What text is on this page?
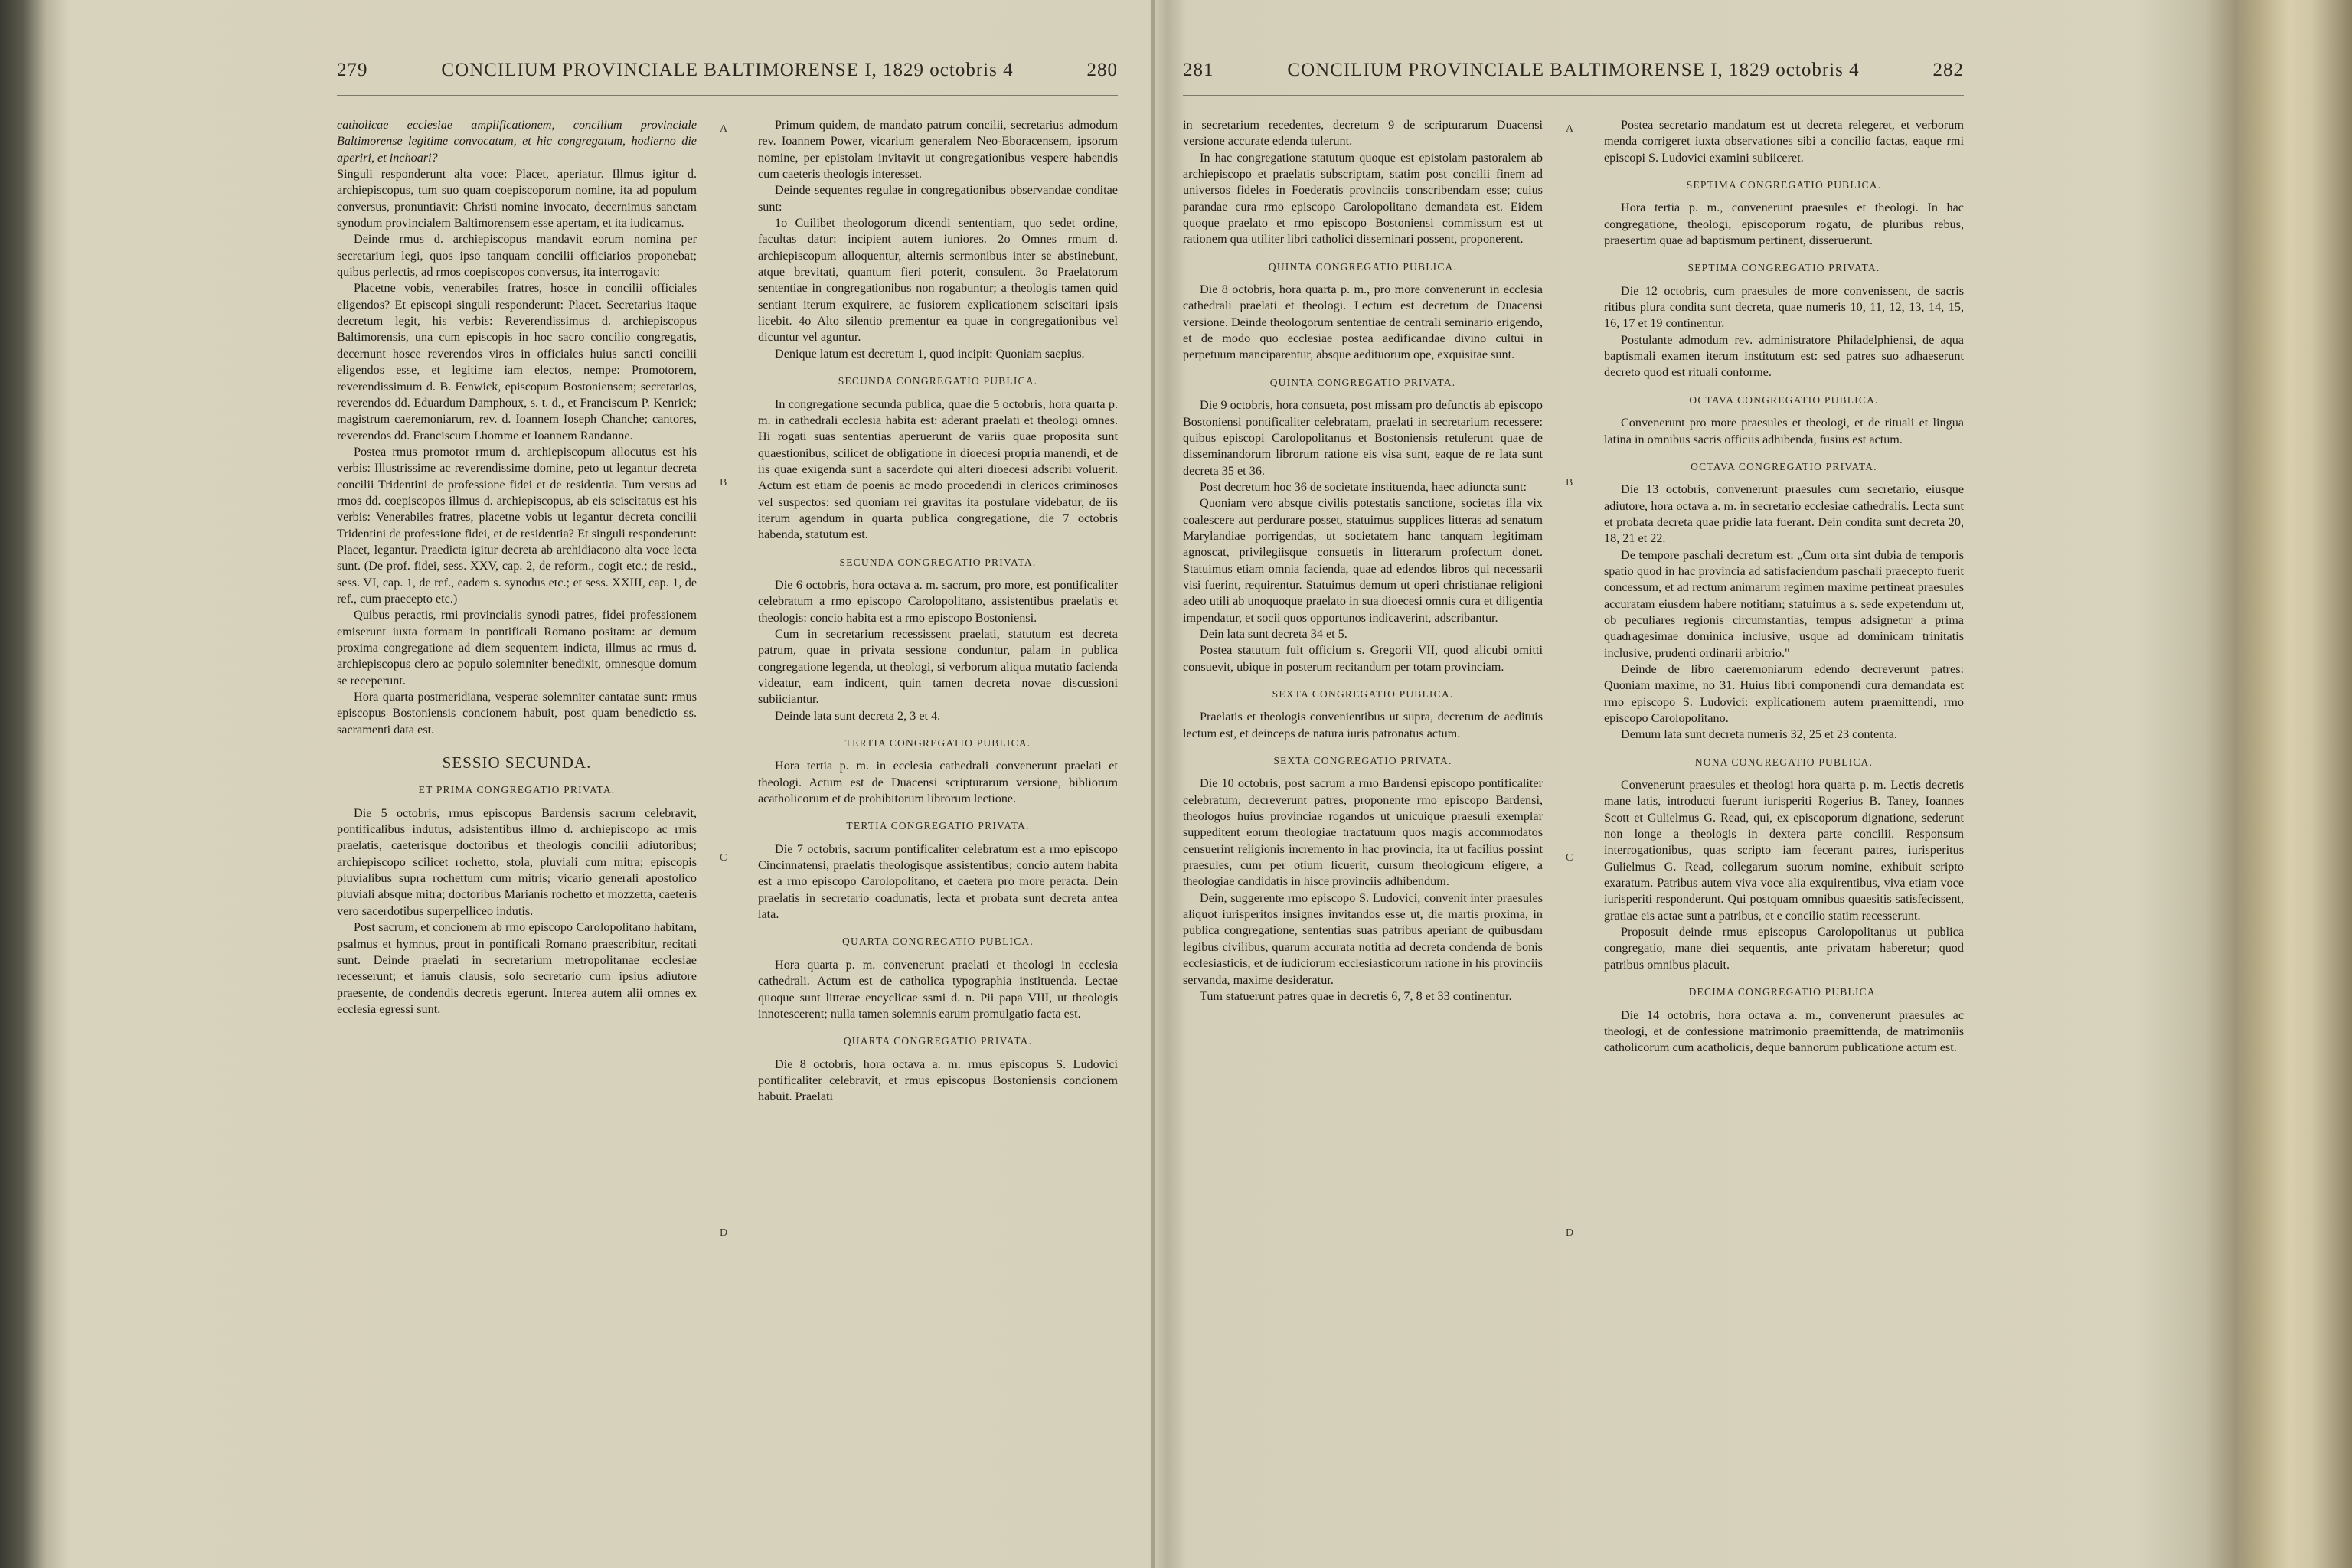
279	CONCILIUM PROVINCIALE BALTIMORENSE I, 1829 octobris 4	280

catholicae ecclesiae amplificationem, concilium provinciale Baltimorense legitime convocatum, et hic congregatum, hodierno die aperiri, et inchoari?

Singuli responderunt alta voce: Placet, aperiatur. Illmus igitur d. archiepiscopus, tum suo quam coepiscoporum nomine, ita ad populum conversus, pronuntiavit: Christi nomine invocato, decernimus sanctam synodum provincialem Baltimorensem esse apertam, et ita iudicamus.

Deinde rmus d. archiepiscopus mandavit eorum nomina per secretarium legi, quos ipso tanquam concilii officiarios proponebat; quibus perlectis, ad rmos coepiscopos conversus, ita interrogavit:

Placetne vobis, venerabiles fratres, hosce in concilii officiales eligendos? Et episcopi singuli responderunt: Placet. Secretarius itaque decretum legit, his verbis: Reverendissimus d. archiepiscopus Baltimorensis, una cum episcopis in hoc sacro concilio congregatis, decernunt hosce reverendos viros in officiales huius sancti concilii eligendos esse, et legitime iam electos, nempe: Promotorem, reverendissimum d. B. Fenwick, episcopum Bostoniensem; secretarios, reverendos dd. Eduardum Damphoux, s. t. d., et Franciscum P. Kenrick; magistrum caeremoniarum, rev. d. Ioannem Ioseph Chanche; cantores, reverendos dd. Franciscum Lhomme et Ioannem Randanne.

Postea rmus promotor rmum d. archiepiscopum allocutus est his verbis: Illustrissime ac reverendissime domine, peto ut legantur decreta concilii Tridentini de professione fidei et de residentia. Tum versus ad rmos dd. coepiscopos illmus d. archiepiscopus, ab eis sciscitatus est his verbis: Venerabiles fratres, placetne vobis ut legantur decreta concilii Tridentini de professione fidei, et de residentia? Et singuli responderunt: Placet, legantur. Praedicta igitur decreta ab archidiacono alta voce lecta sunt. (De prof. fidei, sess. XXV, cap. 2, de reform., cogit etc.; de resid., sess. VI, cap. 1, de ref., eadem s. synodus etc.; et sess. XXIII, cap. 1, de ref., cum praecepto etc.)

Quibus peractis, rmi provincialis synodi patres, fidei professionem emiserunt iuxta formam in pontificali Romano positam: ac demum proxima congregatione ad diem sequentem indicta, illmus ac rmus d. archiepiscopus clero ac populo solemniter benedixit, omnesque domum se receperunt.

Hora quarta postmeridiana, vesperae solemniter cantatae sunt: rmus episcopus Bostoniensis concionem habuit, post quam benedictio ss. sacramenti data est.

SESSIO SECUNDA.
ET PRIMA CONGREGATIO PRIVATA.

Die 5 octobris, rmus episcopus Bardensis sacrum celebravit, pontificalibus indutus, adsistentibus illmo d. archiepiscopo ac rmis praelatis, caeterisque doctoribus et theologis concilii adiutoribus; archiepiscopo scilicet rochetto, stola, pluviali cum mitra; episcopis pluvialibus supra rochettum cum mitris; vicario generali apostolico pluviali absque mitra; doctoribus Marianis rochetto et mozzetta, caeteris vero sacerdotibus superpelliceo indutis.

Post sacrum, et concionem ab rmo episcopo Carolopolitano habitam, psalmus et hymnus, prout in pontificali Romano praescribitur, recitati sunt. Deinde praelati in secretarium metropolitanae ecclesiae recesserunt; et ianuis clausis, solo secretario cum ipsius adiutore praesente, de condendis decretis egerunt. Interea autem alii omnes ex ecclesia egressi sunt.

Primum quidem, de mandato patrum concilii, secretarius admodum rev. Ioannem Power, vicarium generalem Neo-Eboracensem, ipsorum nomine, per epistolam invitavit ut congregationibus vespere habendis cum caeteris theologis interesset.

Deinde sequentes regulae in congregationibus observandae conditae sunt:

1o Cuilibet theologorum dicendi sententiam, quo sedet ordine, facultas datur: incipient autem iuniores. 2o Omnes rmum d. archiepiscopum alloquentur, alternis sermonibus inter se abstinebunt, atque brevitati, quantum fieri poterit, consulent. 3o Praelatorum sententiae in congregationibus non rogabuntur; a theologis tamen quid sentiant iterum exquirere, ac fusiorem explicationem sciscitari ipsis licebit. 4o Alto silentio prementur ea quae in congregationibus vel dicuntur vel aguntur.

Denique latum est decretum 1, quod incipit: Quoniam saepius.

SECUNDA CONGREGATIO PUBLICA.

In congregatione secunda publica, quae die 5 octobris, hora quarta p. m. in cathedrali ecclesia habita est: aderant praelati et theologi omnes. Hi rogati suas sententias aperuerunt de variis quae proposita sunt quaestionibus, scilicet de obligatione in dioecesi propria manendi, et de iis quae exigenda sunt a sacerdote qui alteri dioecesi adscribi voluerit. Actum est etiam de poenis ac modo procedendi in clericos criminosos vel suspectos: sed quoniam rei gravitas ita postulare videbatur, de iis iterum agendum in quarta publica congregatione, die 7 octobris habenda, statutum est.

SECUNDA CONGREGATIO PRIVATA.

Die 6 octobris, hora octava a. m. sacrum, pro more, est pontificaliter celebratum a rmo episcopo Carolopolitano, assistentibus praelatis et theologis: concio habita est a rmo episcopo Bostoniensi.

Cum in secretarium recessissent praelati, statutum est decreta patrum, quae in privata sessione conduntur, palam in publica congregatione legenda, ut theologi, si verborum aliqua mutatio facienda videatur, eam indicent, quin tamen decreta novae discussioni subiiciantur.

Deinde lata sunt decreta 2, 3 et 4.

TERTIA CONGREGATIO PUBLICA.

Hora tertia p. m. in ecclesia cathedrali convenerunt praelati et theologi. Actum est de Duacensi scripturarum versione, bibliorum acatholicorum et de prohibitorum librorum lectione.

TERTIA CONGREGATIO PRIVATA.

Die 7 octobris, sacrum pontificaliter celebratum est a rmo episcopo Cincinnatensi, praelatis theologisque assistentibus; concio autem habita est a rmo episcopo Carolopolitano, et caetera pro more peracta. Dein praelatis in secretario coadunatis, lecta et probata sunt decreta antea lata.

QUARTA CONGREGATIO PUBLICA.

Hora quarta p. m. convenerunt praelati et theologi in ecclesia cathedrali. Actum est de catholica typographia instituenda. Lectae quoque sunt litterae encyclicae ssmi d. n. Pii papa VIII, ut theologis innotescerent; nulla tamen solemnis earum promulgatio facta est.

QUARTA CONGREGATIO PRIVATA.

Die 8 octobris, hora octava a. m. rmus episcopus S. Ludovici pontificaliter celebravit, et rmus episcopus Bostoniensis concionem habuit. Praelati

A
B
C
D
281	CONCILIUM PROVINCIALE BALTIMORENSE I, 1829 octobris 4	282

in secretarium recedentes, decretum 9 de scripturarum Duacensi versione accurate edenda tulerunt.

In hac congregatione statutum quoque est epistolam pastoralem ab archiepiscopo et praelatis subscriptam, statim post concilii finem ad universos fideles in Foederatis provinciis conscribendam esse; cuius parandae cura rmo episcopo Carolopolitano demandata est. Eidem quoque praelato et rmo episcopo Bostoniensi commissum est ut rationem qua utiliter libri catholici disseminari possent, proponerent.

QUINTA CONGREGATIO PUBLICA.

Die 8 octobris, hora quarta p. m., pro more convenerunt in ecclesia cathedrali praelati et theologi. Lectum est decretum de Duacensi versione. Deinde theologorum sententiae de centrali seminario erigendo, et de modo quo ecclesiae postea aedificandae divino cultui in perpetuum manciparentur, absque aedituorum ope, exquisitae sunt.

QUINTA CONGREGATIO PRIVATA.

Die 9 octobris, hora consueta, post missam pro defunctis ab episcopo Bostoniensi pontificaliter celebratam, praelati in secretarium recessere: quibus episcopi Carolopolitanus et Bostoniensis retulerunt quae de disseminandorum librorum ratione eis visa sunt, eaque de re lata sunt decreta 35 et 36.

Post decretum hoc 36 de societate instituenda, haec adiuncta sunt:

Quoniam vero absque civilis potestatis sanctione, societas illa vix coalescere aut perdurare posset, statuimus supplices litteras ad senatum Marylandiae porrigendas, ut societatem hanc tanquam legitimam agnoscat, privilegiisque consuetis in litterarum profectum donet. Statuimus etiam omnia facienda, quae ad edendos libros qui necessarii visi fuerint, requirentur. Statuimus demum ut operi christianae religioni adeo utili ab unoquoque praelato in sua dioecesi omnis cura et diligentia impendatur, et socii quos opportunos indicaverint, adscribantur.

Dein lata sunt decreta 34 et 5.

Postea statutum fuit officium s. Gregorii VII, quod alicubi omitti consuevit, ubique in posterum recitandum per totam provinciam.

SEXTA CONGREGATIO PUBLICA.

Praelatis et theologis convenientibus ut supra, decretum de aedituis lectum est, et deinceps de natura iuris patronatus actum.

SEXTA CONGREGATIO PRIVATA.

Die 10 octobris, post sacrum a rmo Bardensi episcopo pontificaliter celebratum, decreverunt patres, proponente rmo episcopo Bardensi, theologos huius provinciae rogandos ut unicuique praesuli exemplar suppeditent eorum theologiae tractatuum quos magis accommodatos censuerint religionis incremento in hac provincia, ita ut facilius possint praesules, cum per otium licuerit, cursum theologicum eligere, a theologiae candidatis in hisce provinciis adhibendum.

Dein, suggerente rmo episcopo S. Ludovici, convenit inter praesules aliquot iurisperitos insignes invitandos esse ut, die martis proxima, in publica congregatione, sententias suas patribus aperiant de quibusdam legibus civilibus, quarum accurata notitia ad decreta condenda de bonis ecclesiasticis, et de iudiciorum ecclesiasticorum ratione in his provinciis servanda, maxime desideratur.

Tum statuerunt patres quae in decretis 6, 7, 8 et 33 continentur.

Postea secretario mandatum est ut decreta relegeret, et verborum menda corrigeret iuxta observationes sibi a concilio factas, eaque rmi episcopi S. Ludovici examini subiiceret.

SEPTIMA CONGREGATIO PUBLICA.

Hora tertia p. m., convenerunt praesules et theologi. In hac congregatione, theologi, episcoporum rogatu, de pluribus rebus, praesertim quae ad baptismum pertinent, disseruerunt.

SEPTIMA CONGREGATIO PRIVATA.

Die 12 octobris, cum praesules de more convenissent, de sacris ritibus plura condita sunt decreta, quae numeris 10, 11, 12, 13, 14, 15, 16, 17 et 19 continentur.

Postulante admodum rev. administratore Philadelphiensi, de aqua baptismali examen iterum institutum est: sed patres suo adhaeserunt decreto quod est rituali conforme.

OCTAVA CONGREGATIO PUBLICA.

Convenerunt pro more praesules et theologi, et de rituali et lingua latina in omnibus sacris officiis adhibenda, fusius est actum.

OCTAVA CONGREGATIO PRIVATA.

Die 13 octobris, convenerunt praesules cum secretario, eiusque adiutore, hora octava a. m. in secretario ecclesiae cathedralis. Lecta sunt et probata decreta quae pridie lata fuerant. Dein condita sunt decreta 20, 18, 21 et 22.

De tempore paschali decretum est: „Cum orta sint dubia de temporis spatio quod in hac provincia ad satisfaciendum paschali praecepto fuerit concessum, et ad rectum animarum regimen maxime pertineat praesules accuratam eiusdem habere notitiam; statuimus a s. sede expetendum ut, ob peculiares regionis circumstantias, tempus adsignetur a prima quadragesimae dominica inclusive, usque ad dominicam trinitatis inclusive, prudenti ordinarii arbitrio."

Deinde de libro caeremoniarum edendo decreverunt patres: Quoniam maxime, no 31. Huius libri componendi cura demandata est rmo episcopo S. Ludovici: explicationem autem praemittendi, rmo episcopo Carolopolitano.

Demum lata sunt decreta numeris 32, 25 et 23 contenta.

NONA CONGREGATIO PUBLICA.

Convenerunt praesules et theologi hora quarta p. m. Lectis decretis mane latis, introducti fuerunt iurisperiti Rogerius B. Taney, Ioannes Scott et Gulielmus G. Read, qui, ex episcoporum dignatione, sederunt non longe a theologis in dextera parte concilii. Responsum interrogationibus, quas scripto iam fecerant patres, iurisperitus Gulielmus G. Read, collegarum suorum nomine, exhibuit scripto exaratum. Patribus autem viva voce alia exquirentibus, viva etiam voce iurisperiti responderunt. Qui postquam omnibus quaesitis satisfecissent, gratiae eis actae sunt a patribus, et e concilio statim recesserunt.

Proposuit deinde rmus episcopus Carolopolitanus ut publica congregatio, mane diei sequentis, ante privatam haberetur; quod patribus omnibus placuit.

DECIMA CONGREGATIO PUBLICA.

Die 14 octobris, hora octava a. m., convenerunt praesules ac theologi, et de confessione matrimonio praemittenda, de matrimoniis catholicorum cum acatholicis, deque bannorum publicatione actum est.

A
B
C
D
